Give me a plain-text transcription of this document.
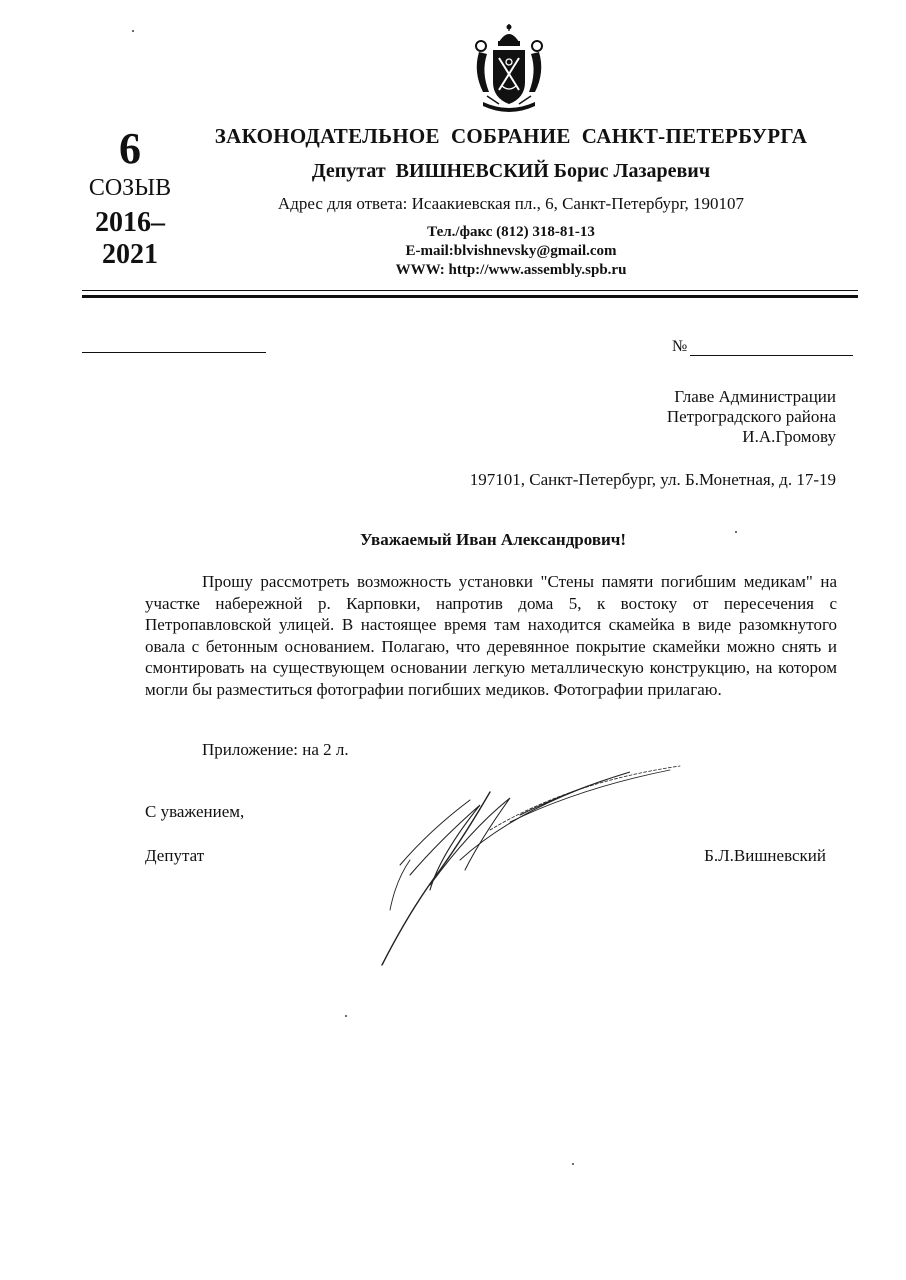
6
СОЗЫВ
2016–
2021
ЗАКОНОДАТЕЛЬНОЕ  СОБРАНИЕ  САНКТ-ПЕТЕРБУРГА
Депутат  ВИШНЕВСКИЙ Борис Лазаревич
Адрес для ответа: Исаакиевская пл., 6, Санкт-Петербург, 190107
Тел./факс (812) 318-81-13
E-mail:blvishnevsky@gmail.com
WWW: http://www.assembly.spb.ru
№
Главе Администрации
Петроградского района
И.А.Громову
197101, Санкт-Петербург, ул. Б.Монетная, д. 17-19
Уважаемый Иван Александрович!

Прошу рассмотреть возможность установки "Стены памяти погибшим медикам" на участке набережной р. Карповки, напротив дома 5, к востоку от пересечения с Петропавловской улицей. В настоящее время там находится скамейка в виде разомкнутого овала с бетонным основанием. Полагаю, что деревянное покрытие скамейки можно снять и смонтировать на существующем основании легкую металлическую конструкцию, на котором могли бы разместиться фотографии погибших медиков. Фотографии прилагаю.

Приложение: на 2 л.
С уважением,
Депутат	Б.Л.Вишневский
